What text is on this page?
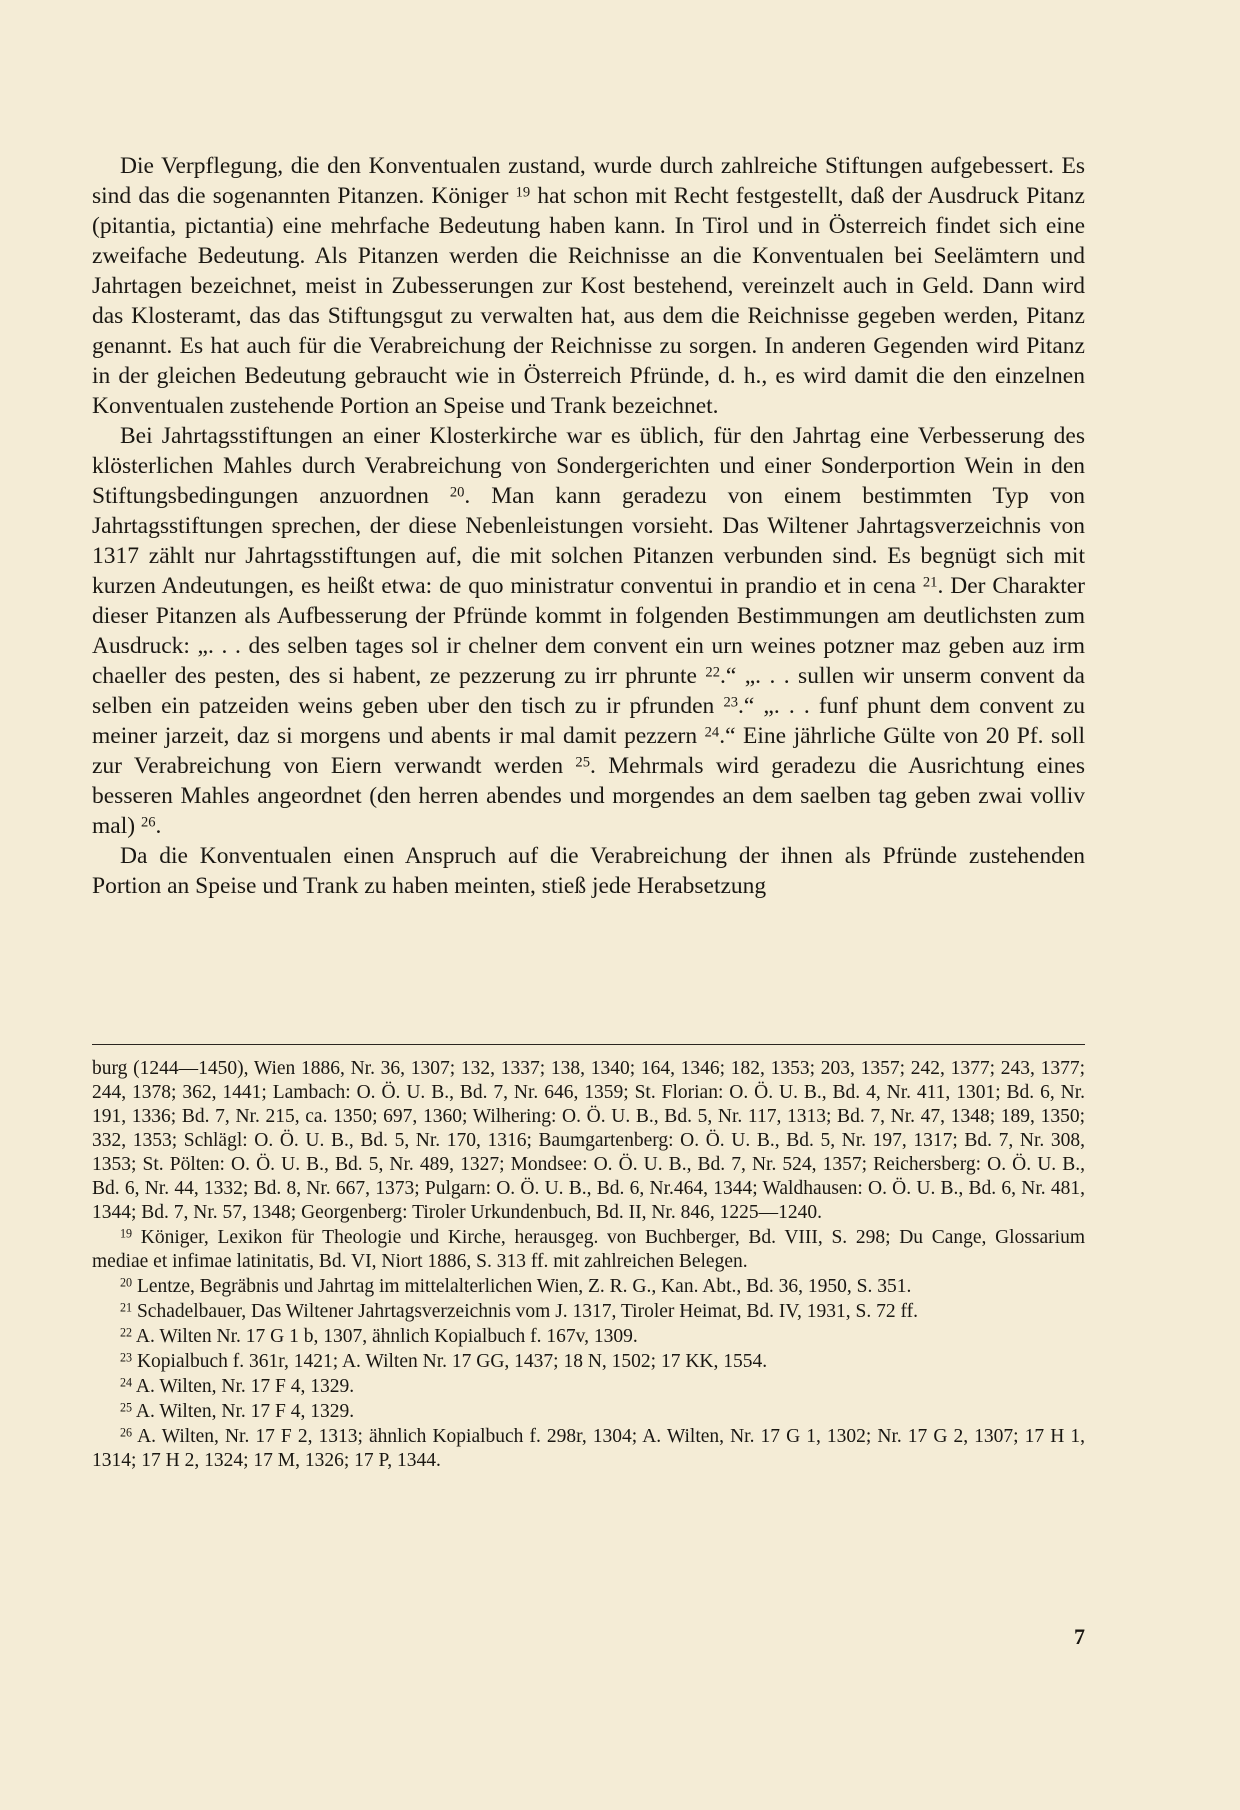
Die Verpflegung, die den Konventualen zustand, wurde durch zahlreiche Stiftungen aufgebessert. Es sind das die sogenannten Pitanzen. Königer $^{19}$ hat schon mit Recht festgestellt, daß der Ausdruck Pitanz (pitantia, pictantia) eine mehrfache Bedeutung haben kann. In Tirol und in Österreich findet sich eine zweifache Bedeutung. Als Pitanzen werden die Reichnisse an die Konventualen bei Seelämtern und Jahrtagen bezeichnet, meist in Zubesserungen zur Kost bestehend, vereinzelt auch in Geld. Dann wird das Klosteramt, das das Stiftungsgut zu verwalten hat, aus dem die Reichnisse gegeben werden, Pitanz genannt. Es hat auch für die Verabreichung der Reichnisse zu sorgen. In anderen Gegenden wird Pitanz in der gleichen Bedeutung gebraucht wie in Österreich Pfründe, d. h., es wird damit die den einzelnen Konventualen zustehende Portion an Speise und Trank bezeichnet.

Bei Jahrtagsstiftungen an einer Klosterkirche war es üblich, für den Jahrtag eine Verbesserung des klösterlichen Mahles durch Verabreichung von Sondergerichten und einer Sonderportion Wein in den Stiftungsbedingungen anzuordnen $^{20}$. Man kann geradezu von einem bestimmten Typ von Jahrtagsstiftungen sprechen, der diese Nebenleistungen vorsieht. Das Wiltener Jahrtagsverzeichnis von 1317 zählt nur Jahrtagsstiftungen auf, die mit solchen Pitanzen verbunden sind. Es begnügt sich mit kurzen Andeutungen, es heißt etwa: de quo ministratur conventui in prandio et in cena $^{21}$. Der Charakter dieser Pitanzen als Aufbesserung der Pfründe kommt in folgenden Bestimmungen am deutlichsten zum Ausdruck: „. . . des selben tages sol ir chelner dem convent ein urn weines potzner maz geben auz irm chaeller des pesten, des si habent, ze pezzerung zu irr phrunte $^{22}$.“ „. . . sullen wir unserm convent da selben ein patzeiden weins geben uber den tisch zu ir pfrunden $^{23}$.“ „. . . funf phunt dem convent zu meiner jarzeit, daz si morgens und abents ir mal damit pezzern $^{24}$.“ Eine jährliche Gülte von 20 Pf. soll zur Verabreichung von Eiern verwandt werden $^{25}$. Mehrmals wird geradezu die Ausrichtung eines besseren Mahles angeordnet (den herren abendes und morgendes an dem saelben tag geben zwai volliv mal) $^{26}$.

Da die Konventualen einen Anspruch auf die Verabreichung der ihnen als Pfründe zustehenden Portion an Speise und Trank zu haben meinten, stieß jede Herabsetzung

burg (1244—1450), Wien 1886, Nr. 36, 1307; 132, 1337; 138, 1340; 164, 1346; 182, 1353; 203, 1357; 242, 1377; 243, 1377; 244, 1378; 362, 1441; Lambach: O. Ö. U. B., Bd. 7, Nr. 646, 1359; St. Florian: O. Ö. U. B., Bd. 4, Nr. 411, 1301; Bd. 6, Nr. 191, 1336; Bd. 7, Nr. 215, ca. 1350; 697, 1360; Wilhering: O. Ö. U. B., Bd. 5, Nr. 117, 1313; Bd. 7, Nr. 47, 1348; 189, 1350; 332, 1353; Schlägl: O. Ö. U. B., Bd. 5, Nr. 170, 1316; Baumgartenberg: O. Ö. U. B., Bd. 5, Nr. 197, 1317; Bd. 7, Nr. 308, 1353; St. Pölten: O. Ö. U. B., Bd. 5, Nr. 489, 1327; Mondsee: O. Ö. U. B., Bd. 7, Nr. 524, 1357; Reichersberg: O. Ö. U. B., Bd. 6, Nr. 44, 1332; Bd. 8, Nr. 667, 1373; Pulgarn: O. Ö. U. B., Bd. 6, Nr.464, 1344; Waldhausen: O. Ö. U. B., Bd. 6, Nr. 481, 1344; Bd. 7, Nr. 57, 1348; Georgenberg: Tiroler Urkundenbuch, Bd. II, Nr. 846, 1225—1240.

$^{19}$ Königer, Lexikon für Theologie und Kirche, herausgeg. von Buchberger, Bd. VIII, S. 298; Du Cange, Glossarium mediae et infimae latinitatis, Bd. VI, Niort 1886, S. 313 ff. mit zahlreichen Belegen.

$^{20}$ Lentze, Begräbnis und Jahrtag im mittelalterlichen Wien, Z. R. G., Kan. Abt., Bd. 36, 1950, S. 351.

$^{21}$ Schadelbauer, Das Wiltener Jahrtagsverzeichnis vom J. 1317, Tiroler Heimat, Bd. IV, 1931, S. 72 ff.

$^{22}$ A. Wilten Nr. 17 G 1 b, 1307, ähnlich Kopialbuch f. 167v, 1309.

$^{23}$ Kopialbuch f. 361r, 1421; A. Wilten Nr. 17 GG, 1437; 18 N, 1502; 17 KK, 1554.

$^{24}$ A. Wilten, Nr. 17 F 4, 1329.

$^{25}$ A. Wilten, Nr. 17 F 4, 1329.

$^{26}$ A. Wilten, Nr. 17 F 2, 1313; ähnlich Kopialbuch f. 298r, 1304; A. Wilten, Nr. 17 G 1, 1302; Nr. 17 G 2, 1307; 17 H 1, 1314; 17 H 2, 1324; 17 M, 1326; 17 P, 1344.

7
